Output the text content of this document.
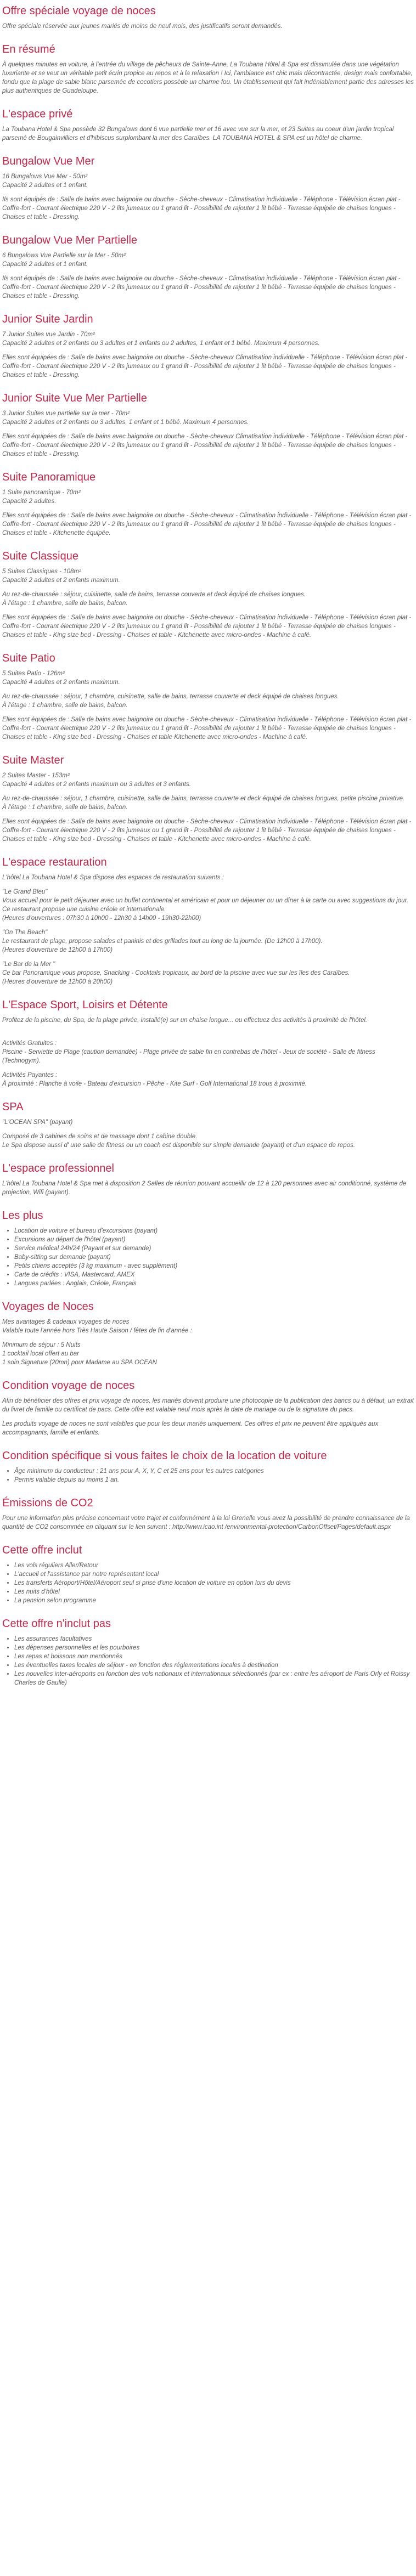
Offre spéciale voyage de noces

Offre spéciale réservée aux jeunes mariés de moins de neuf mois, des justificatifs seront demandés.

En résumé

À quelques minutes en voiture, à l'entrée du village de pêcheurs de Sainte-Anne, La Toubana Hôtel & Spa est dissimulée dans une végétation luxuriante et se veut un véritable petit écrin propice au repos et à la relaxation ! Ici, l'ambiance est chic mais décontractée, design mais confortable, fondu que la plage de sable blanc parsemée de cocotiers possède un charme fou. Un établissement qui fait indéniablement partie des adresses les plus authentiques de Guadeloupe.

L'espace privé

La Toubana Hotel & Spa possède 32 Bungalows dont 6 vue partielle mer et 16 avec vue sur la mer, et 23 Suites au coeur d'un jardin tropical parsemé de Bougainvilliers et d'hibiscus surplombant la mer des Caraïbes. LA TOUBANA HOTEL & SPA est un hôtel de charme.

Bungalow Vue Mer

16 Bungalows Vue Mer - 50m²
Capacité 2 adultes et 1 enfant.

Ils sont équipés de : Salle de bains avec baignoire ou douche - Sèche-cheveux - Climatisation individuelle - Téléphone - Télévision écran plat - Coffre-fort - Courant électrique 220 V - 2 lits jumeaux ou 1 grand lit - Possibilité de rajouter 1 lit bébé - Terrasse équipée de chaises longues - Chaises et table - Dressing.

Bungalow Vue Mer Partielle

6 Bungalows Vue Partielle sur la Mer - 50m²
Capacité 2 adultes et 1 enfant.

Ils sont équipés de : Salle de bains avec baignoire ou douche - Sèche-cheveux - Climatisation individuelle - Téléphone - Télévision écran plat - Coffre-fort - Courant électrique 220 V - 2 lits jumeaux ou 1 grand lit - Possibilité de rajouter 1 lit bébé - Terrasse équipée de chaises longues - Chaises et table - Dressing.

Junior Suite Jardin

7 Junior Suites vue Jardin - 70m²
Capacité 2 adultes et 2 enfants ou 3 adultes et 1 enfants ou 2 adultes, 1 enfant et 1 bébé. Maximum 4 personnes.

Elles sont équipées de : Salle de bains avec baignoire ou douche - Sèche-cheveux Climatisation individuelle - Téléphone - Télévision écran plat - Coffre-fort - Courant électrique 220 V - 2 lits jumeaux ou 1 grand lit - Possibilité de rajouter 1 lit bébé - Terrasse équipée de chaises longues - Chaises et table - Dressing.

Junior Suite Vue Mer Partielle

3 Junior Suites vue partielle sur la mer - 70m²
Capacité 2 adultes et 2 enfants ou 3 adultes, 1 enfant et 1 bébé. Maximum 4 personnes.

Elles sont équipées de : Salle de bains avec baignoire ou douche - Sèche-cheveux Climatisation individuelle - Téléphone - Télévision écran plat - Coffre-fort - Courant électrique 220 V - 2 lits jumeaux ou 1 grand lit - Possibilité de rajouter 1 lit bébé - Terrasse équipée de chaises longues - Chaises et table - Dressing.

Suite Panoramique

1 Suite panoramique - 70m²
Capacité 2 adultes.

Elles sont équipées de : Salle de bains avec baignoire ou douche - Sèche-cheveux - Climatisation individuelle - Téléphone - Télévision écran plat - Coffre-fort - Courant électrique 220 V - 2 lits jumeaux ou 1 grand lit - Possibilité de rajouter 1 lit bébé - Terrasse équipée de chaises longues - Chaises et table - Kitchenette équipée.

Suite Classique

5 Suites Classiques - 108m²
Capacité 2 adultes et 2 enfants maximum.

Au rez-de-chaussée : séjour, cuisinette, salle de bains, terrasse couverte et deck équipé de chaises longues.
À l'étage : 1 chambre, salle de bains, balcon.

Elles sont équipées de : Salle de bains avec baignoire ou douche - Sèche-cheveux - Climatisation individuelle - Téléphone - Télévision écran plat - Coffre-fort - Courant électrique 220 V - 2 lits jumeaux ou 1 grand lit - Possibilité de rajouter 1 lit bébé - Terrasse équipée de chaises longues - Chaises et table - King size bed - Dressing - Chaises et table - Kitchenette avec micro-ondes - Machine à café.

Suite Patio

5 Suites Patio - 126m²
Capacité 4 adultes et 2 enfants maximum.

Au rez-de-chaussée : séjour, 1 chambre, cuisinette, salle de bains, terrasse couverte et deck équipé de chaises longues.
À l'étage : 1 chambre, salle de bains, balcon.

Elles sont équipées de : Salle de bains avec baignoire ou douche - Sèche-cheveux - Climatisation individuelle - Téléphone - Télévision écran plat - Coffre-fort - Courant électrique 220 V - 2 lits jumeaux ou 1 grand lit - Possibilité de rajouter 1 lit bébé - Terrasse équipée de chaises longues - Chaises et table - King size bed - Dressing - Chaises et table Kitchenette avec micro-ondes - Machine à café.

Suite Master

2 Suites Master - 153m²
Capacité 4 adultes et 2 enfants maximum ou 3 adultes et 3 enfants.

Au rez-de-chaussée : séjour, 1 chambre, cuisinette, salle de bains, terrasse couverte et deck équipé de chaises longues, petite piscine privative.
À l'étage : 1 chambre, salle de bains, balcon.

Elles sont équipées de : Salle de bains avec baignoire ou douche - Sèche-cheveux - Climatisation individuelle - Téléphone - Télévision écran plat - Coffre-fort - Courant électrique 220 V - 2 lits jumeaux ou 1 grand lit - Possibilité de rajouter 1 lit bébé - Terrasse équipée de chaises longues - Chaises et table - King size bed - Dressing - Chaises et table - Kitchenette avec micro-ondes - Machine à café.

L'espace restauration

L'hôtel La Toubana Hotel & Spa dispose des espaces de restauration suivants :

"Le Grand Bleu"
Vous accueil pour le petit déjeuner avec un buffet continental et américain et pour un déjeuner ou un dîner à la carte ou avec suggestions du jour.
Ce restaurant propose une cuisine créole et internationale.
(Heures d'ouvertures : 07h30 à 10h00 - 12h30 à 14h00 - 19h30-22h00)

"On The Beach"
Le restaurant de plage, propose salades et paninis et des grillades tout au long de la journée. (De 12h00 à 17h00).
(Heures d'ouverture de 12h00 à 17h00)

"Le Bar de la Mer "
Ce bar Panoramique vous propose, Snacking - Cocktails tropicaux, au bord de la piscine avec vue sur les îles des Caraïbes.
(Heures d'ouverture de 12h00 à 20h00)

L'Espace Sport, Loisirs et Détente

Profitez de la piscine, du Spa, de la plage privée, installé(e) sur un chaise longue... ou effectuez des activités à proximité de l'hôtel.

Activités Gratuites :
Piscine - Serviette de Plage (caution demandée) - Plage privée de sable fin en contrebas de l'hôtel - Jeux de société - Salle de fitness (Technogym).

Activités Payantes :
À proximité : Planche à voile - Bateau d'excursion - Pêche - Kite Surf - Golf International 18 trous à proximité.

SPA

"L'OCEAN SPA" (payant)

Composé de 3 cabines de soins et de massage dont 1 cabine double.
Le Spa dispose aussi d' une salle de fitness ou un coach est disponible sur simple demande (payant) et d'un espace de repos.

L'espace professionnel

L'hôtel La Toubana Hotel & Spa met à disposition 2 Salles de réunion pouvant accueillir de 12 à 120 personnes avec air conditionné, système de projection, Wifi (payant).

Les plus
• Location de voiture et bureau d'excursions (payant)
• Excursions au départ de l'hôtel (payant)
• Service médical 24h/24 (Payant et sur demande)
• Baby-sitting sur demande (payant)
• Petits chiens acceptés (3 kg maximum - avec supplément)
• Carte de crédits : VISA, Mastercard, AMEX
• Langues parlées : Anglais, Créole, Français
Voyages de Noces

Mes avantages & cadeaux voyages de noces
Valable toute l'année hors Très Haute Saison / fêtes de fin d'année :

Minimum de séjour : 5 Nuits
1 cocktail local offert au bar
1 soin Signature (20mn) pour Madame au SPA OCEAN

Condition voyage de noces

Afin de bénéficier des offres et prix voyage de noces, les mariés doivent produire une photocopie de la publication des bancs ou à défaut, un extrait du livret de famille ou certificat de pacs. Cette offre est valable neuf mois après la date de mariage ou de la signature du pacs.

Les produits voyage de noces ne sont valables que pour les deux mariés uniquement. Ces offres et prix ne peuvent être appliqués aux accompagnants, famille et enfants.

Condition spécifique si vous faites le choix de la location de voiture
• Âge minimum du conducteur : 21 ans pour A, X, Y, C et 25 ans pour les autres catégories
• Permis valable depuis au moins 1 an.
Émissions de CO2

Pour une information plus précise concernant votre trajet et conformément à la loi Grenelle vous avez la possibilité de prendre connaissance de la quantité de CO2 consommée en cliquant sur le lien suivant : http://www.icao.int /environmental-protection/CarbonOffset/Pages/default.aspx

Cette offre inclut
• Les vols réguliers Aller/Retour
• L'accueil et l'assistance par notre représentant local
• Les transferts Aéroport/Hôtel/Aéroport seul si prise d'une location de voiture en option lors du devis
• Les nuits d'hôtel
• La pension selon programme
Cette offre n'inclut pas
• Les assurances facultatives
• Les dépenses personnelles et les pourboires
• Les repas et boissons non mentionnés
• Les éventuelles taxes locales de séjour - en fonction des réglementations locales à destination
• Les nouvelles inter-aéroports en fonction des vols nationaux et internationaux sélectionnés (par ex : entre les aéroport de Paris Orly et Roissy Charles de Gaulle)
